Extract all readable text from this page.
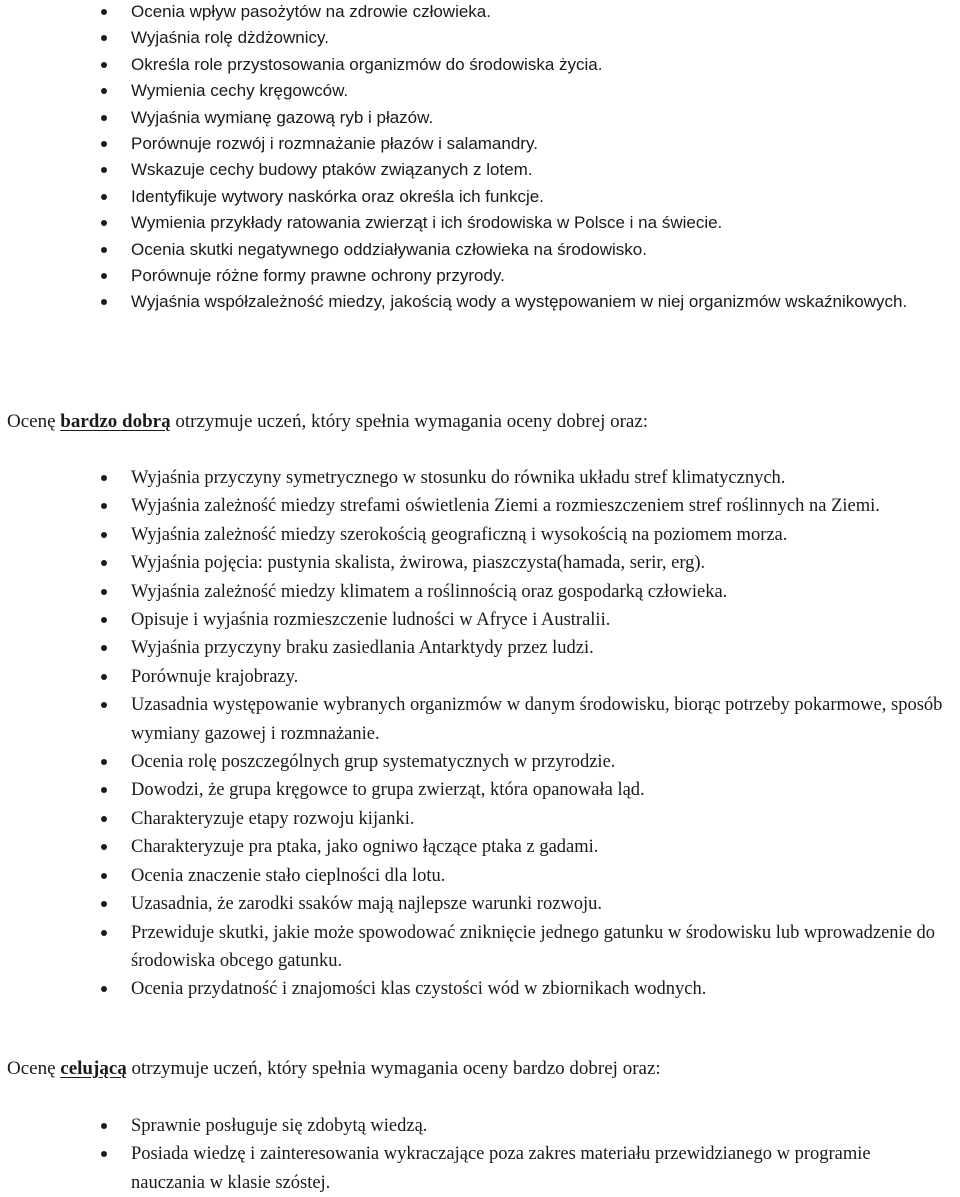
Ocenia wpływ pasożytów na zdrowie człowieka.
Wyjaśnia rolę dżdżownicy.
Określa role przystosowania organizmów do środowiska życia.
Wymienia cechy kręgowców.
Wyjaśnia wymianę gazową ryb i płazów.
Porównuje rozwój i rozmnażanie płazów i salamandry.
Wskazuje cechy budowy ptaków związanych z lotem.
Identyfikuje wytwory naskórka oraz określa ich funkcje.
Wymienia przykłady ratowania zwierząt i ich środowiska w Polsce i na świecie.
Ocenia skutki negatywnego oddziaływania człowieka na środowisko.
Porównuje różne formy prawne ochrony przyrody.
Wyjaśnia współzależność miedzy, jakością wody a występowaniem w niej organizmów wskaźnikowych.
Ocenę bardzo dobrą otrzymuje uczeń, który spełnia wymagania oceny dobrej oraz:
Wyjaśnia przyczyny symetrycznego w stosunku do równika układu stref klimatycznych.
Wyjaśnia zależność miedzy strefami oświetlenia Ziemi a rozmieszczeniem stref roślinnych na Ziemi.
Wyjaśnia zależność miedzy szerokością geograficzną i wysokością na poziomem morza.
Wyjaśnia pojęcia: pustynia skalista, żwirowa, piaszczysta(hamada, serir, erg).
Wyjaśnia zależność miedzy klimatem a roślinnością oraz gospodarką człowieka.
Opisuje i wyjaśnia rozmieszczenie ludności w Afryce i Australii.
Wyjaśnia przyczyny braku zasiedlania Antarktydy przez ludzi.
Porównuje krajobrazy.
Uzasadnia występowanie wybranych organizmów w danym środowisku, biorąc potrzeby pokarmowe, sposób wymiany gazowej i rozmnażanie.
Ocenia rolę poszczególnych grup systematycznych w przyrodzie.
Dowodzi, że grupa kręgowce to grupa zwierząt, która opanowała ląd.
Charakteryzuje etapy rozwoju kijanki.
Charakteryzuje pra ptaka, jako ogniwo łączące ptaka z gadami.
Ocenia znaczenie stało cieplności dla lotu.
Uzasadnia, że zarodki ssaków mają najlepsze warunki rozwoju.
Przewiduje skutki, jakie może spowodować zniknięcie jednego gatunku w środowisku lub wprowadzenie do środowiska obcego gatunku.
Ocenia przydatność i znajomości klas czystości wód w zbiornikach wodnych.
Ocenę celującą otrzymuje uczeń, który spełnia wymagania oceny bardzo dobrej oraz:
Sprawnie posługuje się zdobytą wiedzą.
Posiada wiedzę i zainteresowania wykraczające poza zakres materiału przewidzianego w programie nauczania w klasie szóstej.
